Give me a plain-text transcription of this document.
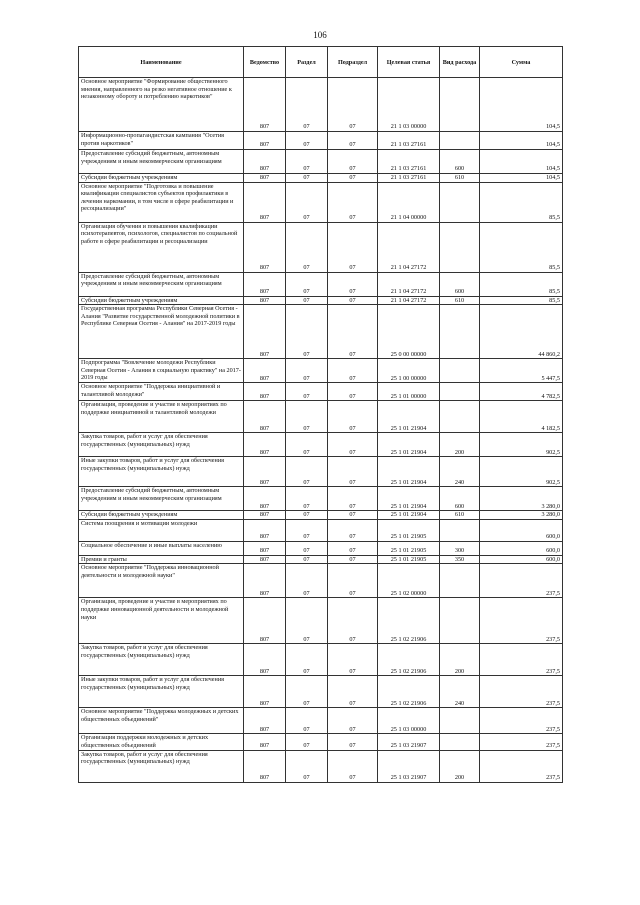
106
Наименование	Ведомство	Раздел	Подраздел	Целевая статья	Вид расхода	Сумма
Основное мероприятие "Формирование общественного мнения, направленного на резко негативное отношение к незаконному обороту и потреблению наркотиков"	807	07	07	21 1 03 00000		104,5
Информационно-пропагандистская кампания "Осетия против наркотиков"	807	07	07	21 1 03 27161		104,5
Предоставление субсидий бюджетным, автономным учреждениям и иным некоммерческим организациям	807	07	07	21 1 03 27161	600	104,5
Субсидии бюджетным учреждениям	807	07	07	21 1 03 27161	610	104,5
Основное мероприятие "Подготовка и повышение квалификации специалистов субъектов профилактики в лечения наркомании, в том числе в сфере реабилитации и ресоциализации"	807	07	07	21 1 04 00000		85,5
Организация обучения и повышения квалификации психотерапевтов, психологов, специалистов по социальной работе в сфере реабилитации и ресоциализации	807	07	07	21 1 04 27172		85,5
Предоставление субсидий бюджетным, автономным учреждениям и иным некоммерческим организациям	807	07	07	21 1 04 27172	600	85,5
Субсидии бюджетным учреждениям	807	07	07	21 1 04 27172	610	85,5
Государственная программа Республики Северная Осетия - Алания "Развитие государственной молодежной политики в Республике Северная Осетия - Алания" на 2017-2019 годы	807	07	07	25 0 00 00000		44 860,2
Подпрограмма "Вовлечение молодежи Республики Северная Осетия - Алания в социальную практику" на 2017-2019 годы	807	07	07	25 1 00 00000		5 447,5
Основное мероприятие "Поддержка инициативной и талантливой молодежи"	807	07	07	25 1 01 00000		4 782,5
Организация, проведение и участие в мероприятиях по поддержке инициативной и талантливой молодежи	807	07	07	25 1 01 21904		4 182,5
Закупка товаров, работ и услуг для обеспечения государственных (муниципальных) нужд	807	07	07	25 1 01 21904	200	902,5
Иные закупки товаров, работ и услуг для обеспечения государственных (муниципальных) нужд	807	07	07	25 1 01 21904	240	902,5
Предоставление субсидий бюджетным, автономным учреждениям и иным некоммерческим организациям	807	07	07	25 1 01 21904	600	3 280,0
Субсидии бюджетным учреждениям	807	07	07	25 1 01 21904	610	3 280,0
Система поощрения и мотивации молодежи	807	07	07	25 1 01 21905		600,0
Социальное обеспечение и иные выплаты населению	807	07	07	25 1 01 21905	300	600,0
Премии и гранты	807	07	07	25 1 01 21905	350	600,0
Основное мероприятие "Поддержка инновационной деятельности и молодежной науки"	807	07	07	25 1 02 00000		237,5
Организация, проведение и участие в мероприятиях по поддержке инновационной деятельности и молодежной науки	807	07	07	25 1 02 21906		237,5
Закупка товаров, работ и услуг для обеспечения государственных (муниципальных) нужд	807	07	07	25 1 02 21906	200	237,5
Иные закупки товаров, работ и услуг для обеспечения государственных (муниципальных) нужд	807	07	07	25 1 02 21906	240	237,5
Основное мероприятие "Поддержка молодежных и детских общественных объединений"	807	07	07	25 1 03 00000		237,5
Организация поддержки молодежных и детских общественных объединений	807	07	07	25 1 03 21907		237,5
Закупка товаров, работ и услуг для обеспечения государственных (муниципальных) нужд	807	07	07	25 1 03 21907	200	237,5
